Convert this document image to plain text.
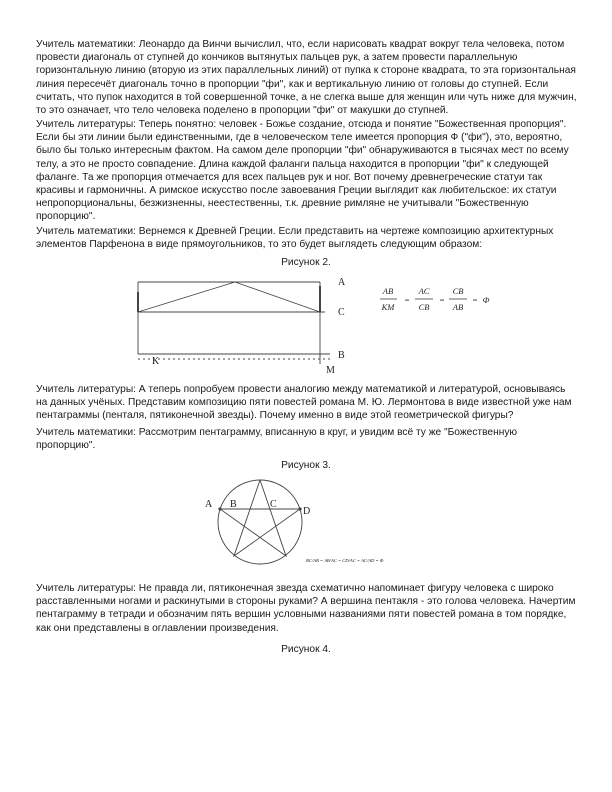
Учитель математики: Леонардо да Винчи вычислил, что, если нарисовать квадрат вокруг тела человека, потом провести диагональ от ступней до кончиков вытянутых пальцев рук, а затем провести параллельную горизонтальную линию (вторую из этих параллельных линий) от пупка к стороне квадрата, то эта горизонтальная линия пересечёт диагональ точно в пропорции "фи", как и вертикальную линию от головы до ступней. Если считать, что пупок находится в той совершенной точке, а не слегка выше для женщин или чуть ниже для мужчин, то это означает, что тело человека поделено в пропорции "фи" от макушки до ступней.

Учитель литературы: Теперь понятно: человек - Божье создание, отсюда и понятие "Божественная пропорция". Если бы эти линии были единственными, где в человеческом теле имеется пропорция Ф ("фи"), это, вероятно, было бы только интересным фактом. На самом деле пропорции "фи" обнаруживаются в тысячах мест по всему телу, а это не просто совпадение. Длина каждой фаланги пальца находится в пропорции "фи" к следующей фаланге. Та же пропорция отмечается для всех пальцев рук и ног. Вот почему древнегреческие статуи так красивы и гармоничны. А римское искусство после завоевания Греции выглядит как любительское: их статуи непропорциональны, безжизненны, неестественны, т.к. древние римляне не учитывали "Божественную пропорцию".

Учитель математики: Вернемся к Древней Греции. Если представить на чертеже композицию архитектурных элементов Парфенона в виде прямоугольников, то это будет выглядеть следующим образом:

Рисунок 2.

A
C
B
K
M
AB
KM
=
AC
CB
=
CB
AB
= Ф

Учитель литературы: А теперь попробуем провести аналогию между математикой и литературой, основываясь на данных учёных. Представим композицию пяти повестей романа М. Ю. Лермонтова в виде известной уже нам пентаграммы (пенталя, пятиконечной звезды). Почему именно в виде этой геометрической фигуры?

Учитель математики: Рассмотрим пентаграмму, вписанную в круг, и увидим всё ту же "Божественную пропорцию".

Рисунок 3.

A B	C
D
BC/AB = AB/AC = CD/AC = AC/AD = Ф

Учитель литературы: Не правда ли, пятиконечная звезда схематично напоминает фигуру человека с широко расставленными ногами и раскинутыми в стороны руками? А вершина пентакля - это голова человека. Начертим пентаграмму в тетради и обозначим пять вершин условными названиями пяти повестей романа в том порядке, как они представлены в оглавлении произведения.

Рисунок 4.
